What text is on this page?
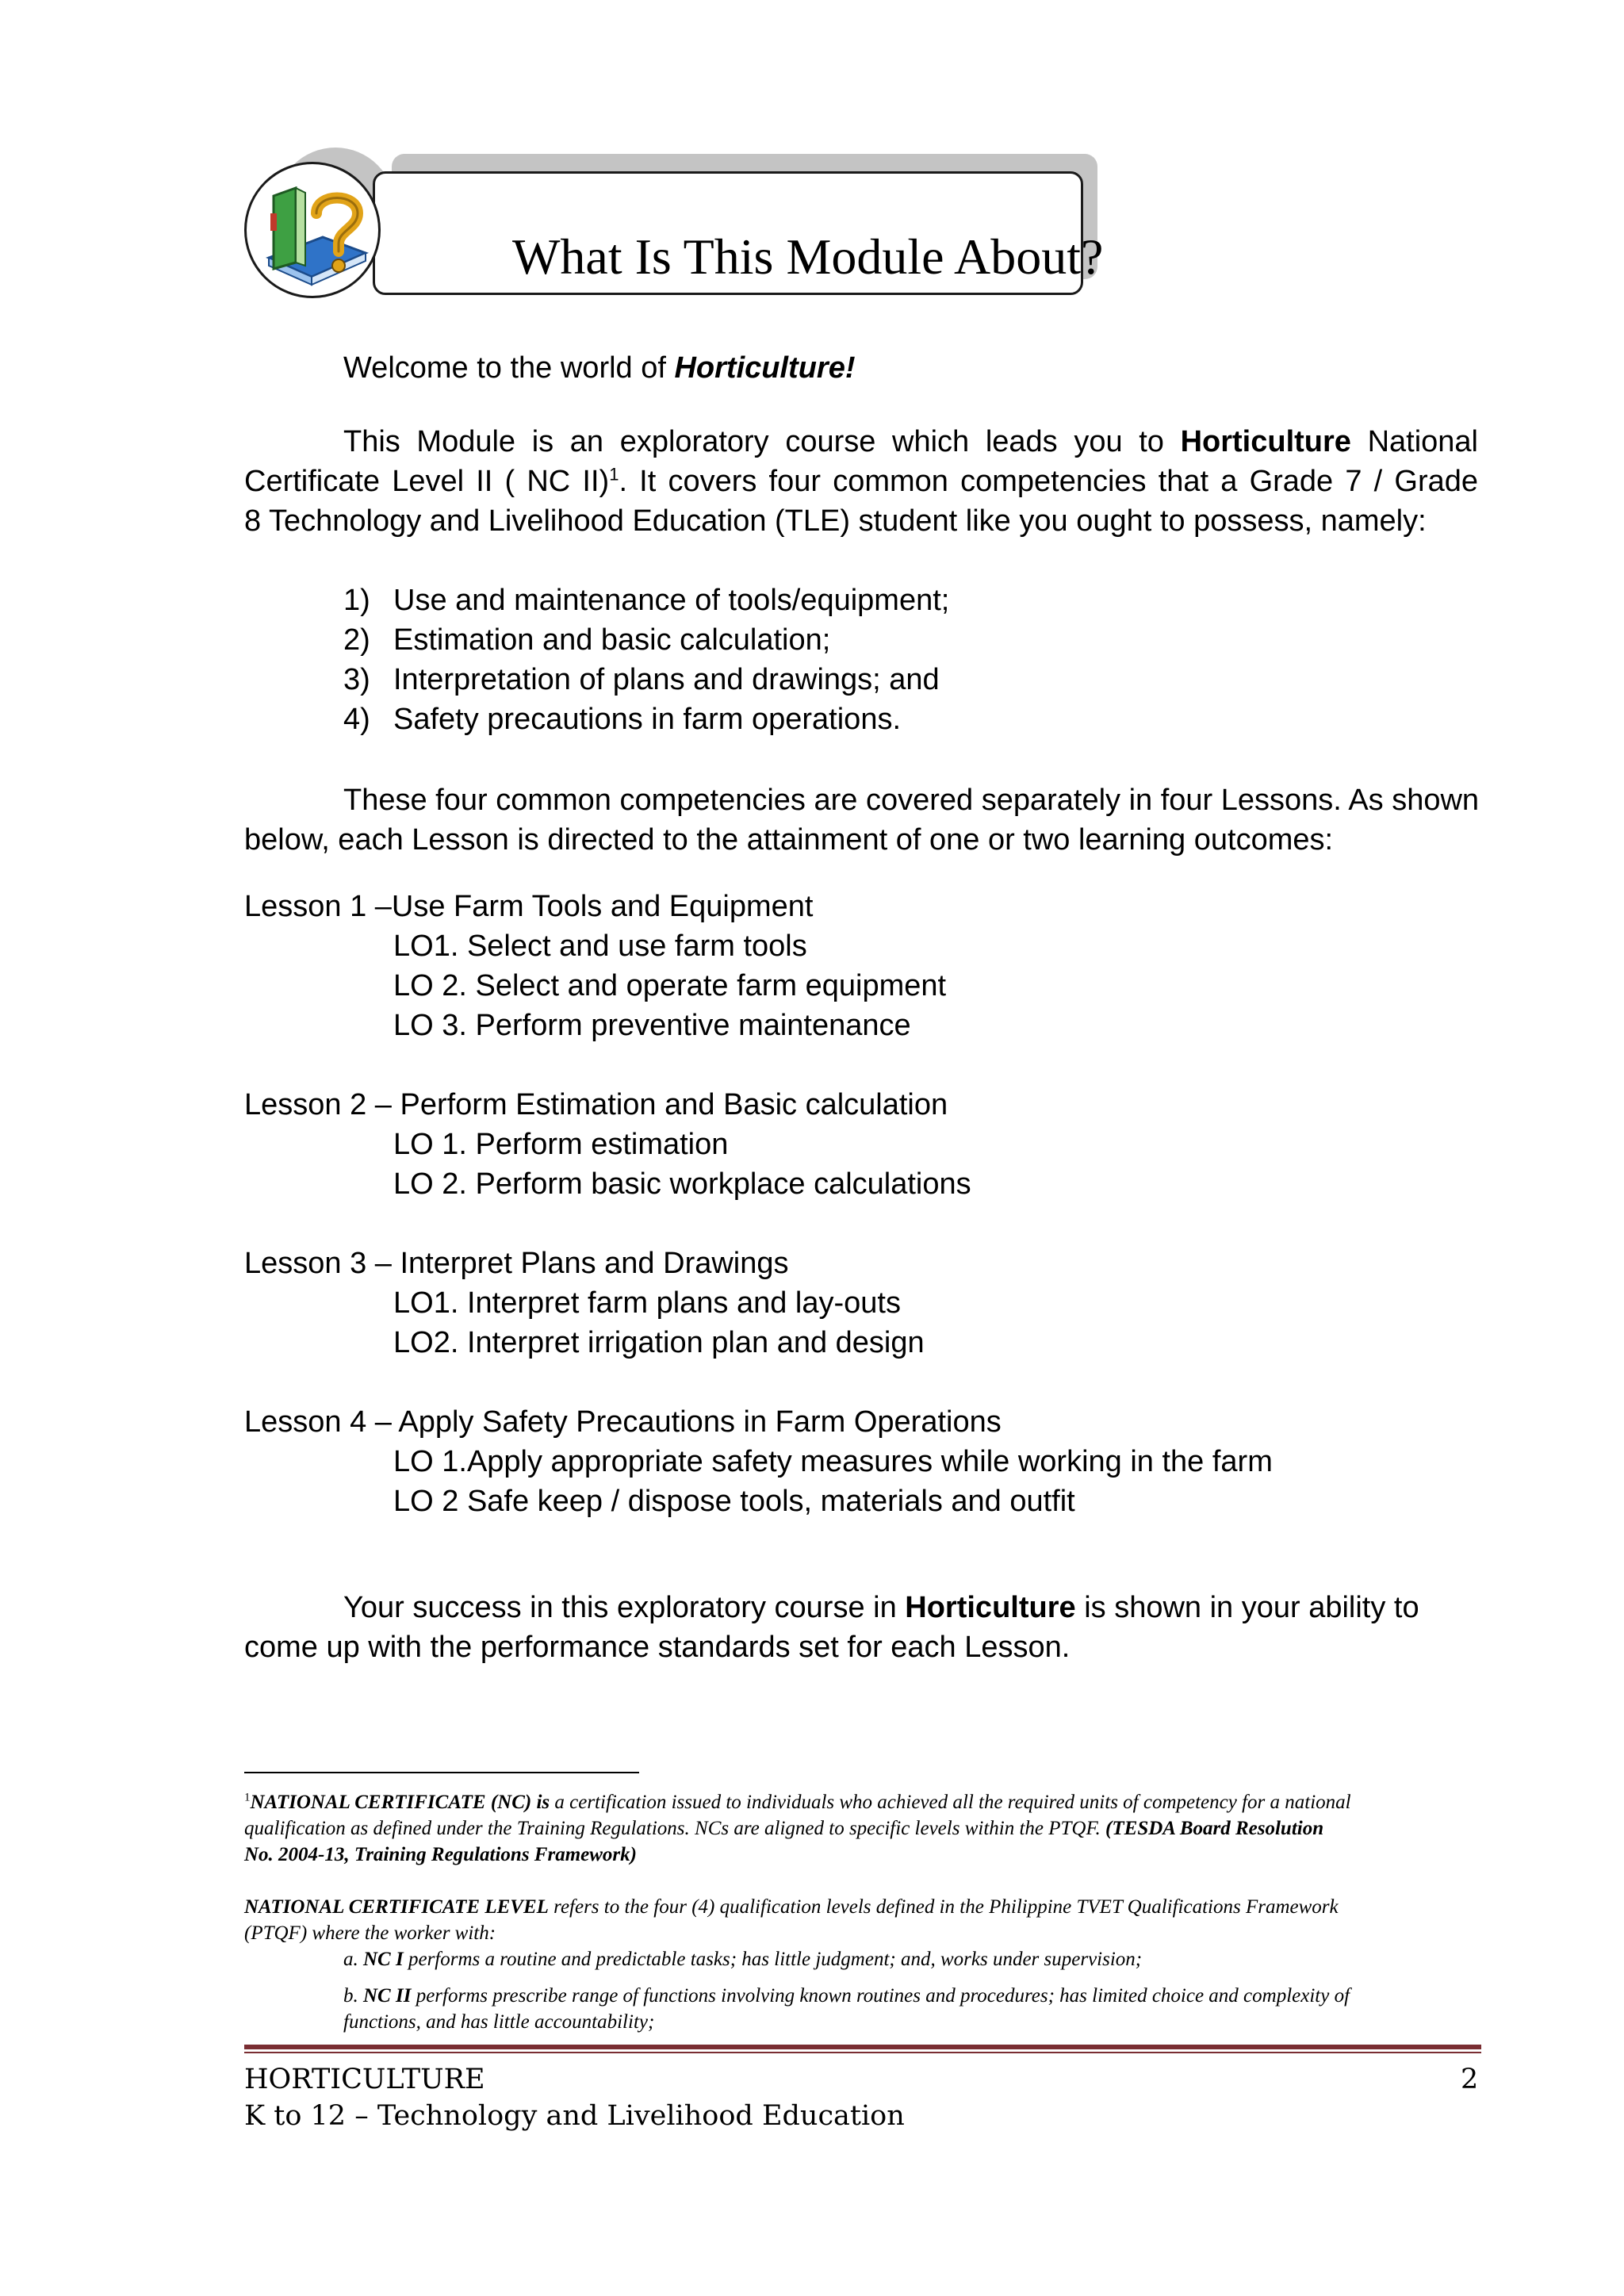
What Is This Module About?
Welcome to the world of Horticulture!
This Module is an exploratory course which leads you to Horticulture National
Certificate Level II ( NC II)$^1$. It covers four common competencies that a Grade 7 / Grade
8 Technology and Livelihood Education (TLE) student like you ought to possess, namely:
1) Use and maintenance of tools/equipment;
2) Estimation and basic calculation;
3) Interpretation of plans and drawings; and
4) Safety precautions in farm operations.
These four common competencies are covered separately in four Lessons. As shown
below, each Lesson is directed to the attainment of one or two learning outcomes:
Lesson 1 –Use Farm Tools and Equipment
LO1. Select and use farm tools
LO 2. Select and operate farm equipment
LO 3. Perform preventive maintenance
Lesson 2 – Perform Estimation and Basic calculation
LO 1. Perform estimation
LO 2. Perform basic workplace calculations
Lesson 3 – Interpret Plans and Drawings
LO1. Interpret farm plans and lay-outs
LO2. Interpret irrigation plan and design
Lesson 4 – Apply Safety Precautions in Farm Operations
LO 1.Apply appropriate safety measures while working in the farm
LO 2 Safe keep / dispose tools, materials and outfit
Your success in this exploratory course in Horticulture is shown in your ability to
come up with the performance standards set for each Lesson.
$^1$NATIONAL CERTIFICATE (NC) is a certification issued to individuals who achieved all the required units of competency for a national
qualification as defined under the Training Regulations. NCs are aligned to specific levels within the PTQF. (TESDA Board Resolution
No. 2004-13, Training Regulations Framework)
NATIONAL CERTIFICATE LEVEL refers to the four (4) qualification levels defined in the Philippine TVET Qualifications Framework
(PTQF) where the worker with:
a. NC I performs a routine and predictable tasks; has little judgment; and, works under supervision;
b. NC II performs prescribe range of functions involving known routines and procedures; has limited choice and complexity of
functions, and has little accountability;
HORTICULTURE	2
K to 12 – Technology and Livelihood Education
